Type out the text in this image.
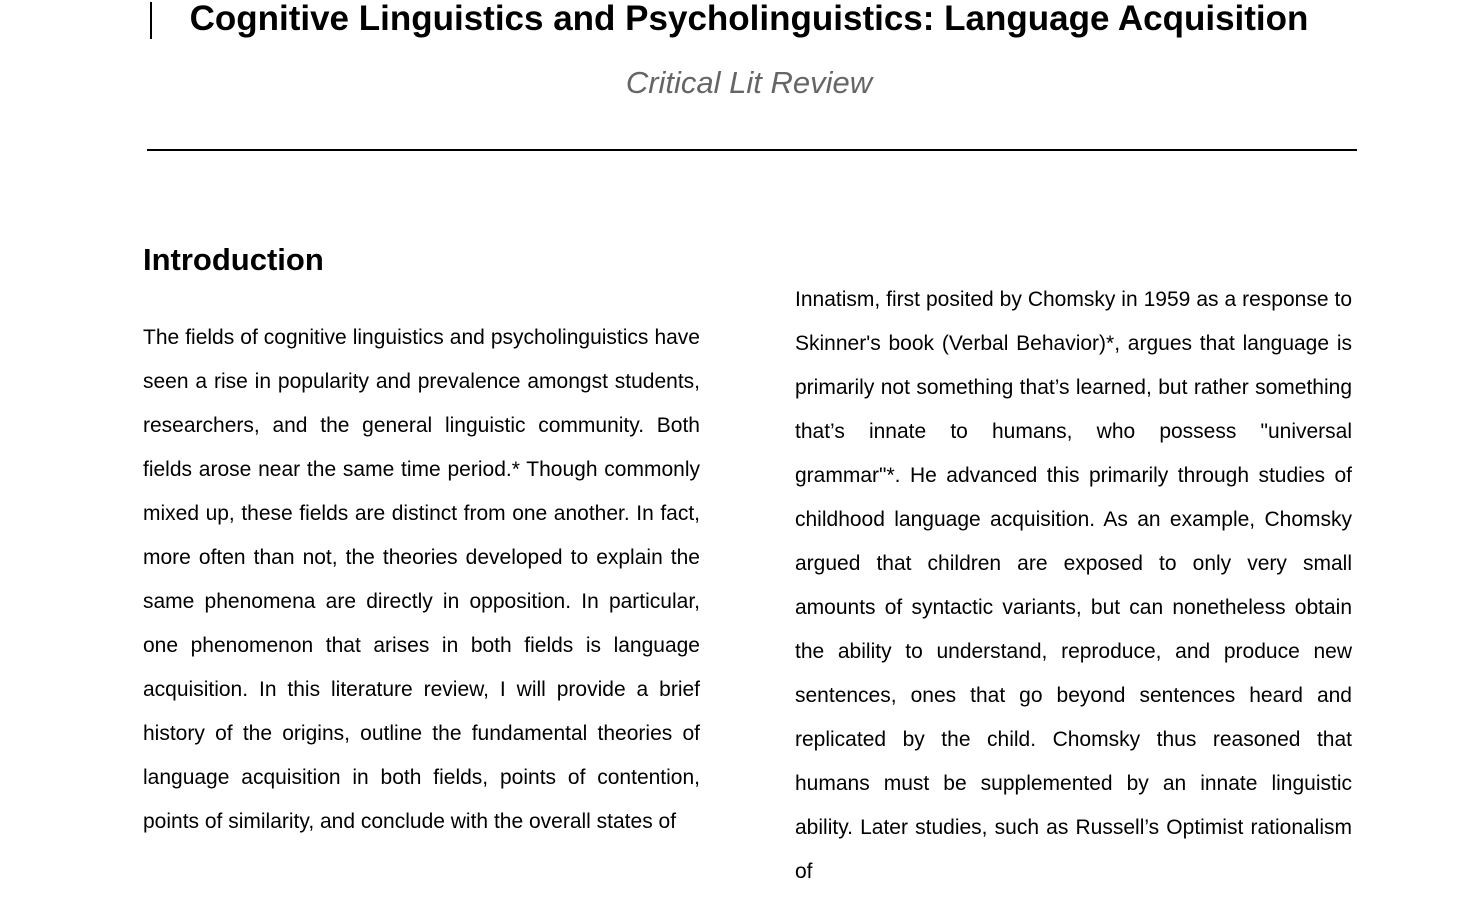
Cognitive Linguistics and Psycholinguistics: Language Acquisition

Critical Lit Review

Introduction

The fields of cognitive linguistics and psycholinguistics have seen a rise in popularity and prevalence amongst students, researchers, and the general linguistic community. Both fields arose near the same time period.* Though commonly mixed up, these fields are distinct from one another. In fact, more often than not, the theories developed to explain the same phenomena are directly in opposition. In particular, one phenomenon that arises in both fields is language acquisition. In this literature review, I will provide a brief history of the origins, outline the fundamental theories of language acquisition in both fields, points of contention, points of similarity, and conclude with the overall states of

Innatism, first posited by Chomsky in 1959 as a response to Skinner's book (Verbal Behavior)*, argues that language is primarily not something that’s learned, but rather something that’s innate to humans, who possess "universal grammar"*. He advanced this primarily through studies of childhood language acquisition. As an example, Chomsky argued that children are exposed to only very small amounts of syntactic variants, but can nonetheless obtain the ability to understand, reproduce, and produce new sentences, ones that go beyond sentences heard and replicated by the child. Chomsky thus reasoned that humans must be supplemented by an innate linguistic ability. Later studies, such as Russell’s Optimist rationalism of
